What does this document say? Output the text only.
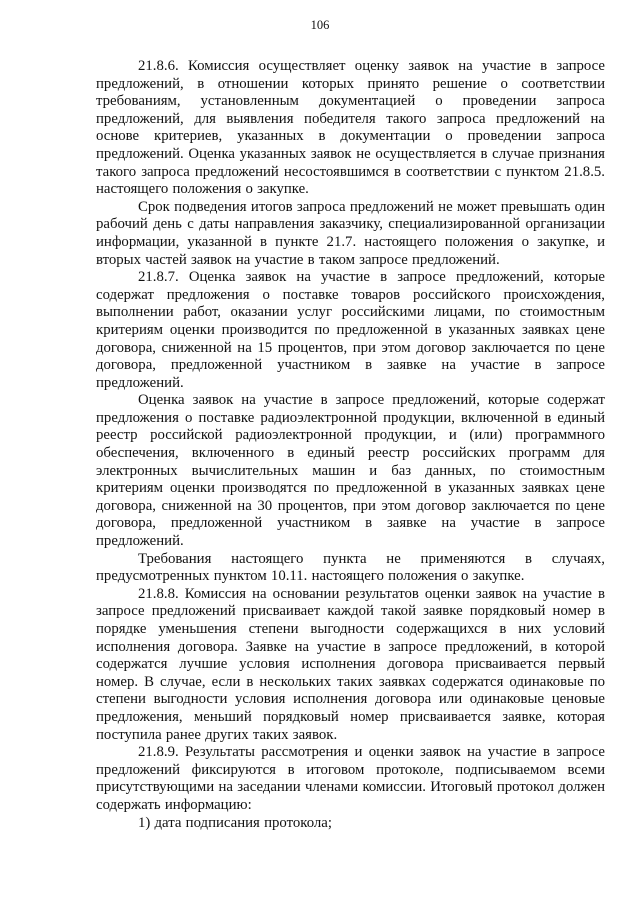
106

21.8.6. Комиссия осуществляет оценку заявок на участие в запросе предложений, в отношении которых принято решение о соответствии требованиям, установленным документацией о проведении запроса предложений, для выявления победителя такого запроса предложений на основе критериев, указанных в документации о проведении запроса предложений. Оценка указанных заявок не осуществляется в случае признания такого запроса предложений несостоявшимся в соответствии с пунктом 21.8.5. настоящего положения о закупке.

Срок подведения итогов запроса предложений не может превышать один рабочий день с даты направления заказчику, специализированной организации информации, указанной в пункте 21.7. настоящего положения о закупке, и вторых частей заявок на участие в таком запросе предложений.

21.8.7. Оценка заявок на участие в запросе предложений, которые содержат предложения о поставке товаров российского происхождения, выполнении работ, оказании услуг российскими лицами, по стоимостным критериям оценки производится по предложенной в указанных заявках цене договора, сниженной на 15 процентов, при этом договор заключается по цене договора, предложенной участником в заявке на участие в запросе предложений.

Оценка заявок на участие в запросе предложений, которые содержат предложения о поставке радиоэлектронной продукции, включенной в единый реестр российской радиоэлектронной продукции, и (или) программного обеспечения, включенного в единый реестр российских программ для электронных вычислительных машин и баз данных, по стоимостным критериям оценки производятся по предложенной в указанных заявках цене договора, сниженной на 30 процентов, при этом договор заключается по цене договора, предложенной участником в заявке на участие в запросе предложений.

Требования настоящего пункта не применяются в случаях, предусмотренных пунктом 10.11. настоящего положения о закупке.

21.8.8. Комиссия на основании результатов оценки заявок на участие в запросе предложений присваивает каждой такой заявке порядковый номер в порядке уменьшения степени выгодности содержащихся в них условий исполнения договора. Заявке на участие в запросе предложений, в которой содержатся лучшие условия исполнения договора присваивается первый номер. В случае, если в нескольких таких заявках содержатся одинаковые по степени выгодности условия исполнения договора или одинаковые ценовые предложения, меньший порядковый номер присваивается заявке, которая поступила ранее других таких заявок.

21.8.9. Результаты рассмотрения и оценки заявок на участие в запросе предложений фиксируются в итоговом протоколе, подписываемом всеми присутствующими на заседании членами комиссии. Итоговый протокол должен содержать информацию:

1) дата подписания протокола;
